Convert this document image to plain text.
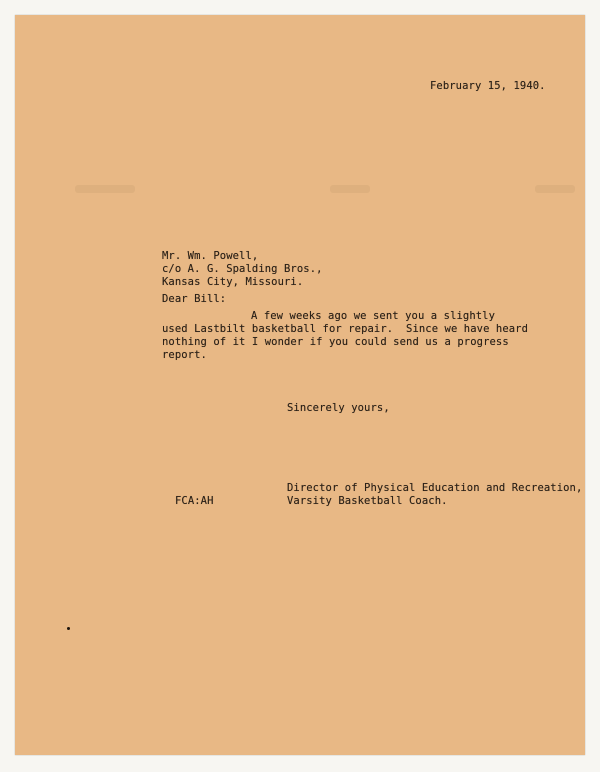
February 15, 1940.
Mr. Wm. Powell,
c/o A. G. Spalding Bros.,
Kansas City, Missouri.
Dear Bill:
A few weeks ago we sent you a slightly
used Lastbilt basketball for repair.  Since we have heard
nothing of it I wonder if you could send us a progress
report.
Sincerely yours,
Director of Physical Education and Recreation,
Varsity Basketball Coach.
FCA:AH
